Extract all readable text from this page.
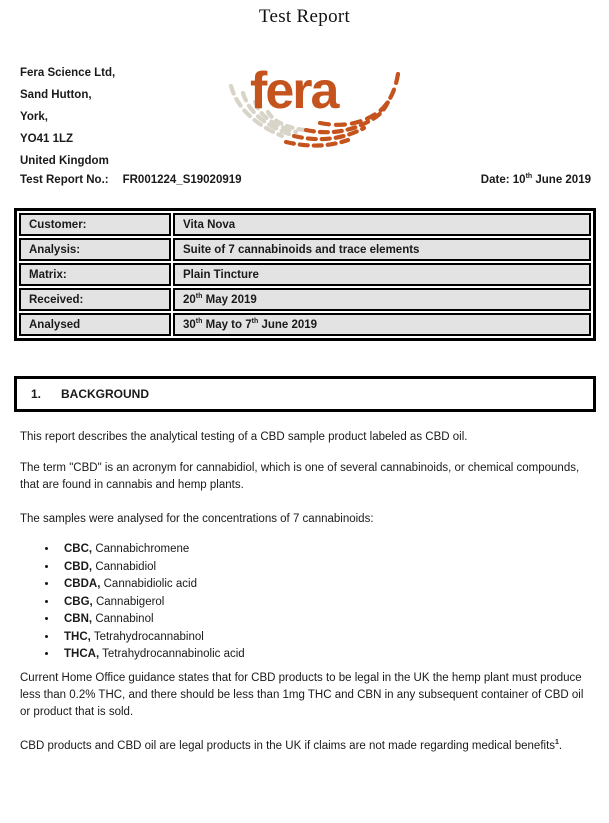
Test Report
Fera Science Ltd,
Sand Hutton,
York,
YO41 1LZ
United Kingdom
fera
Test Report No.: FR001224_S19020919	Date: 10th June 2019
Customer:	Vita Nova
Analysis:	Suite of 7 cannabinoids and trace elements
Matrix:	Plain Tincture
Received:	20th May 2019
Analysed	30th May to 7th June 2019
1.	BACKGROUND
This report describes the analytical testing of a CBD sample product labeled as CBD oil.
The term "CBD" is an acronym for cannabidiol, which is one of several cannabinoids, or chemical compounds, that are found in cannabis and hemp plants.
The samples were analysed for the concentrations of 7 cannabinoids:
• CBC, Cannabichromene
• CBD, Cannabidiol
• CBDA, Cannabidiolic acid
• CBG, Cannabigerol
• CBN, Cannabinol
• THC, Tetrahydrocannabinol
• THCA, Tetrahydrocannabinolic acid
Current Home Office guidance states that for CBD products to be legal in the UK the hemp plant must produce less than 0.2% THC, and there should be less than 1mg THC and CBN in any subsequent container of CBD oil or product that is sold.
CBD products and CBD oil are legal products in the UK if claims are not made regarding medical benefits$^1$.
